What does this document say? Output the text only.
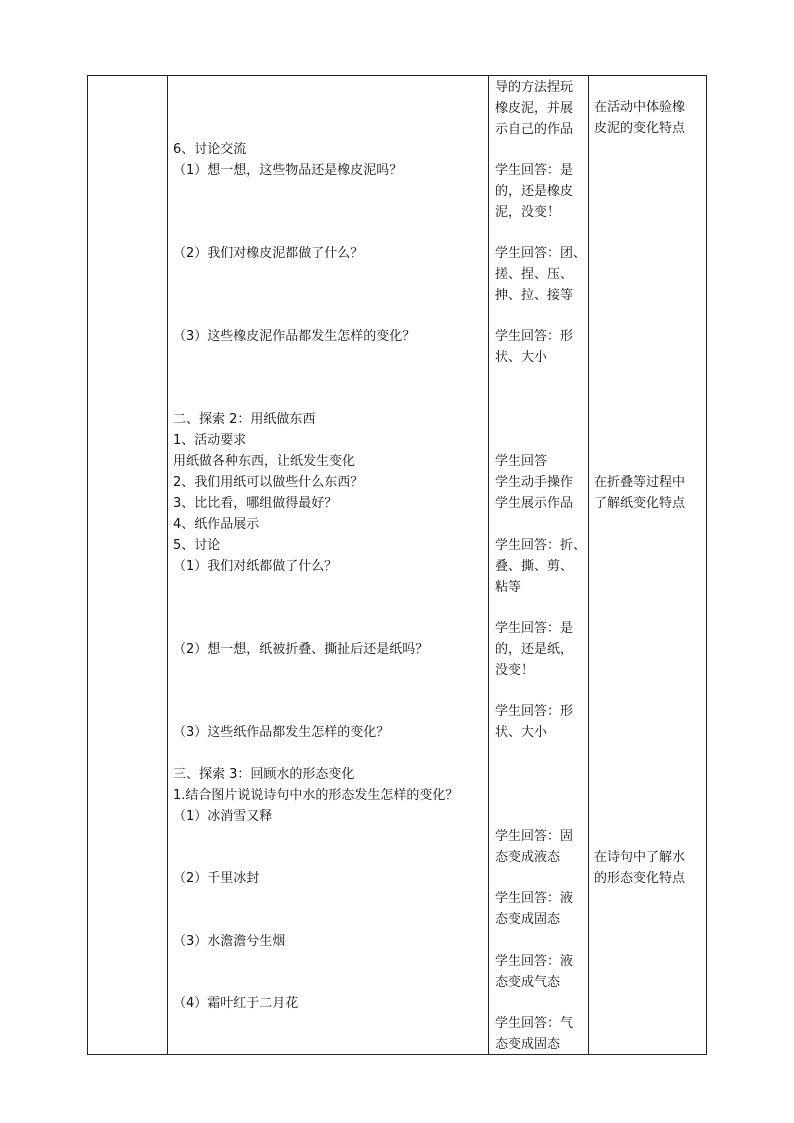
6、讨论交流
（1）想一想，这些物品还是橡皮泥吗？
（2）我们对橡皮泥都做了什么？
（3）这些橡皮泥作品都发生怎样的变化？
二、探索 2：用纸做东西
1、活动要求
用纸做各种东西，让纸发生变化
2、我们用纸可以做些什么东西？
3、比比看，哪组做得最好？
4、纸作品展示
5、讨论
（1）我们对纸都做了什么？
（2）想一想，纸被折叠、撕扯后还是纸吗？
（3）这些纸作品都发生怎样的变化？
三、探索 3：回顾水的形态变化
1.结合图片说说诗句中水的形态发生怎样的变化？
（1）冰消雪又释
（2）千里冰封
（3）水澹澹兮生烟
（4）霜叶红于二月花
导的方法捏玩
橡皮泥，并展
示自己的作品
学生回答：是
的，还是橡皮
泥，没变！
学生回答：团、
搓、捏、压、
抻、拉、接等
学生回答：形
状、大小
学生回答
学生动手操作
学生展示作品
学生回答：折、
叠、撕、剪、
粘等
学生回答：是
的，还是纸，
没变！
学生回答：形
状、大小
学生回答：固
态变成液态
学生回答：液
态变成固态
学生回答：液
态变成气态
学生回答：气
态变成固态
在活动中体验橡
皮泥的变化特点
在折叠等过程中
了解纸变化特点
在诗句中了解水
的形态变化特点
